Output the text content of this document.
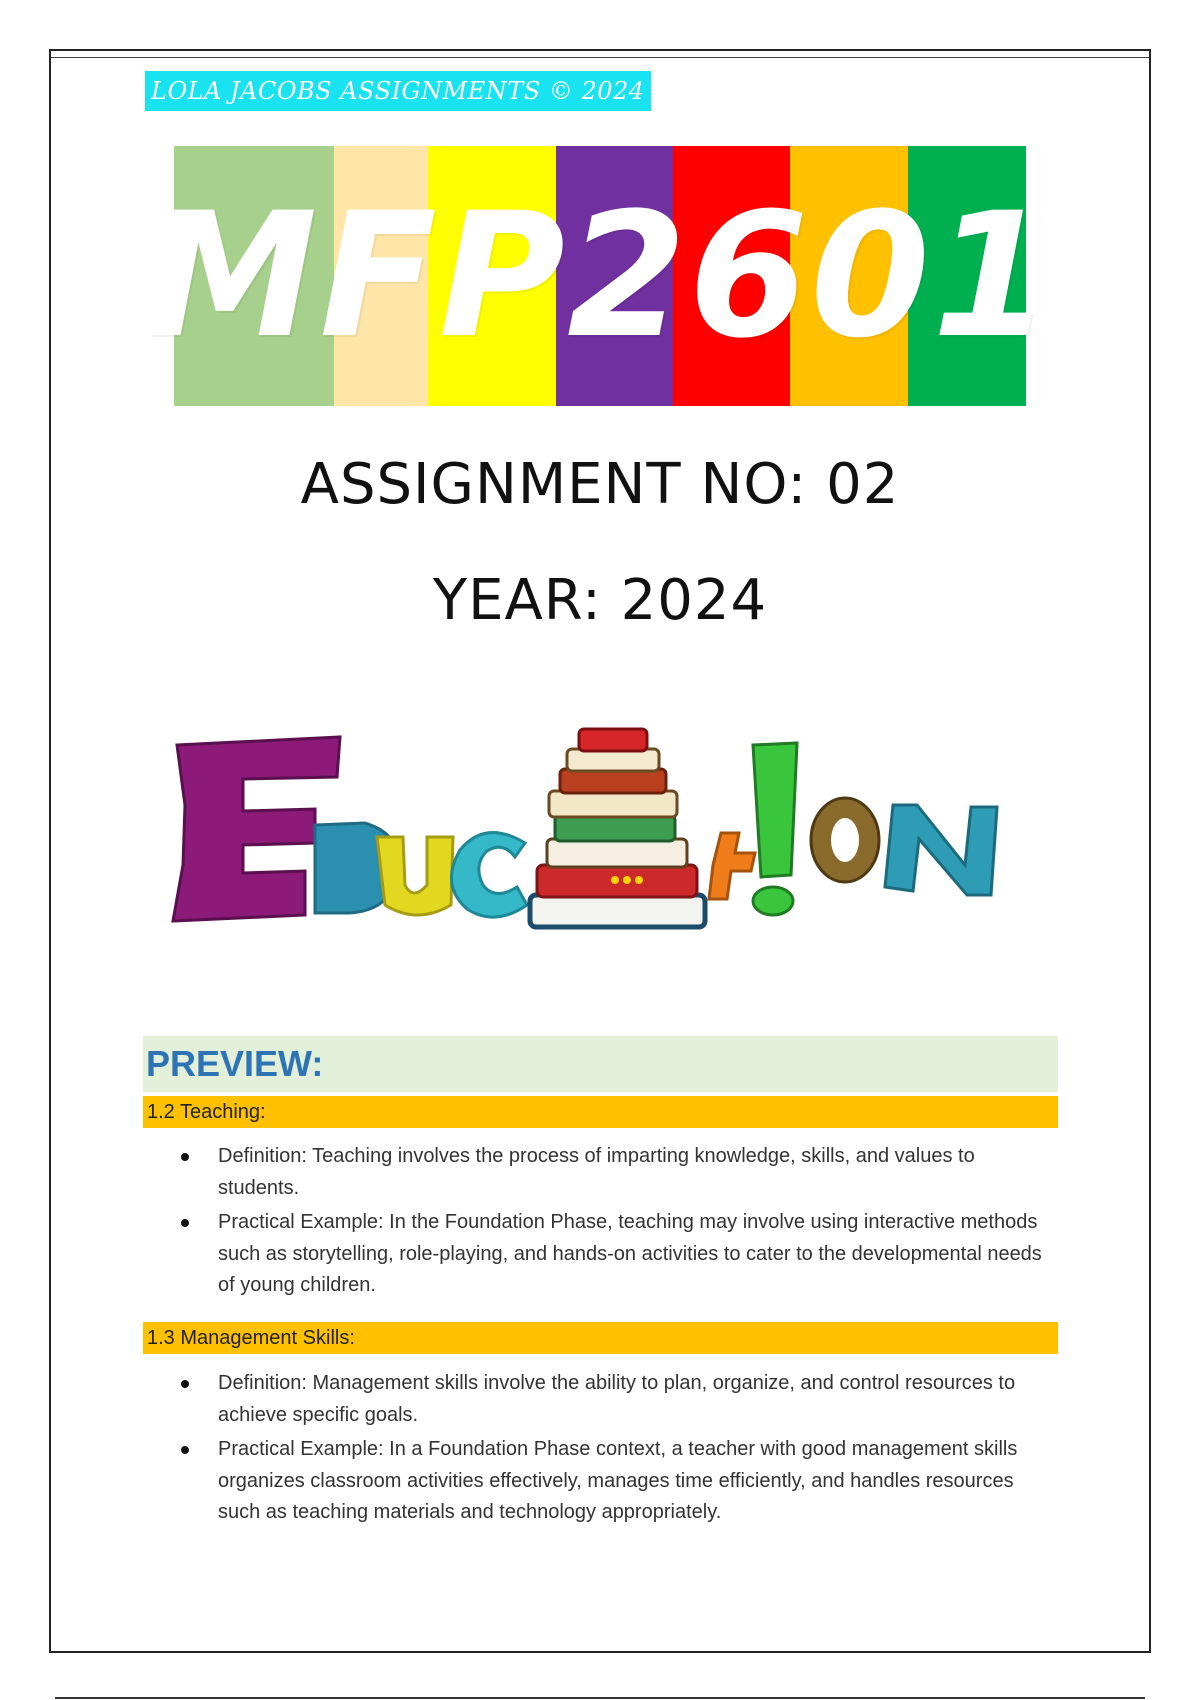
LOLA JACOBS ASSIGNMENTS © 2024
MFP2601
ASSIGNMENT NO: 02
YEAR: 2024
Education
PREVIEW:
1.2 Teaching:
Definition: Teaching involves the process of imparting knowledge, skills, and values to students.
Practical Example: In the Foundation Phase, teaching may involve using interactive methods such as storytelling, role-playing, and hands-on activities to cater to the developmental needs of young children.
1.3 Management Skills:
Definition: Management skills involve the ability to plan, organize, and control resources to achieve specific goals.
Practical Example: In a Foundation Phase context, a teacher with good management skills organizes classroom activities effectively, manages time efficiently, and handles resources such as teaching materials and technology appropriately.
